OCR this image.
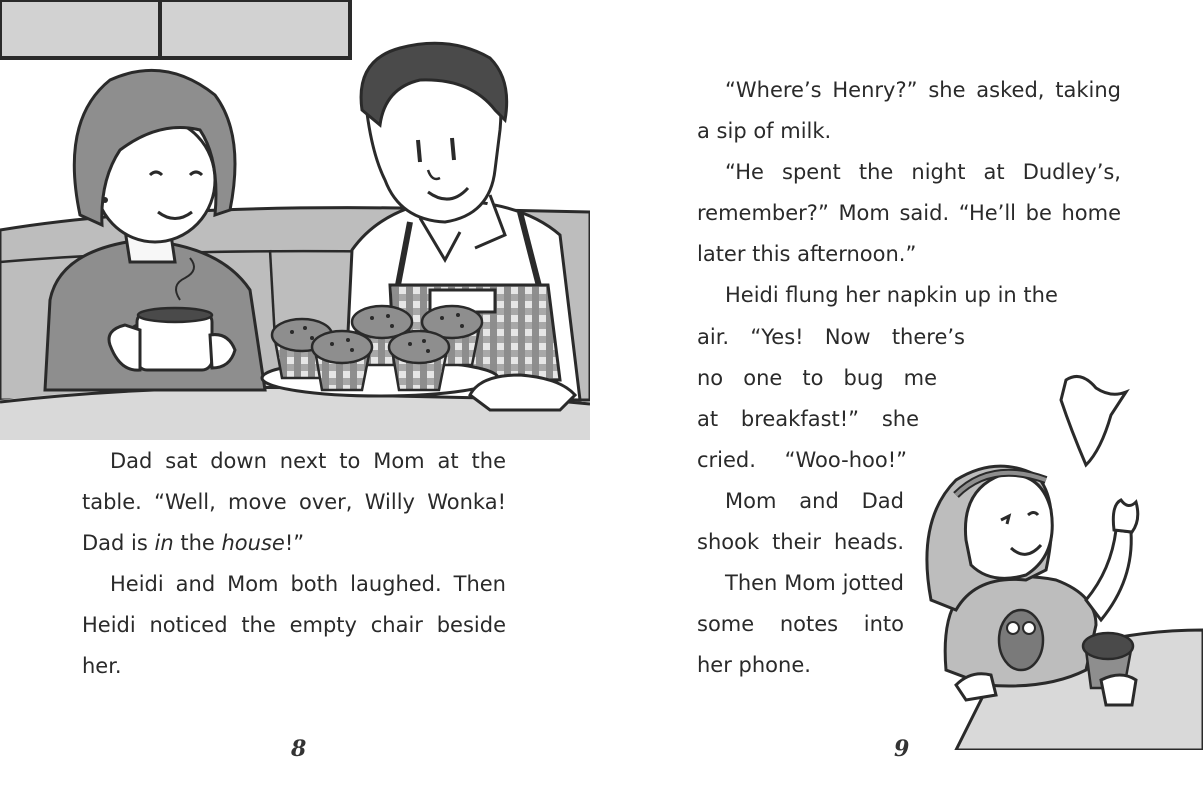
Dad sat down next to Mom at the table. “Well, move over, Willy Wonka! Dad is in the house!”

Heidi and Mom both laughed. Then Heidi noticed the empty chair beside her.

8

“Where’s Henry?” she asked, taking a sip of milk.

“He spent the night at Dudley’s, remember?” Mom said. “He’ll be home later this afternoon.”

Heidi flung her napkin up in the

air. “Yes! Now there’s
no one to bug me
at breakfast!” she
cried. “Woo-hoo!”
Mom and Dad
shook their heads.
Then Mom jotted
some notes into
her phone.
9
